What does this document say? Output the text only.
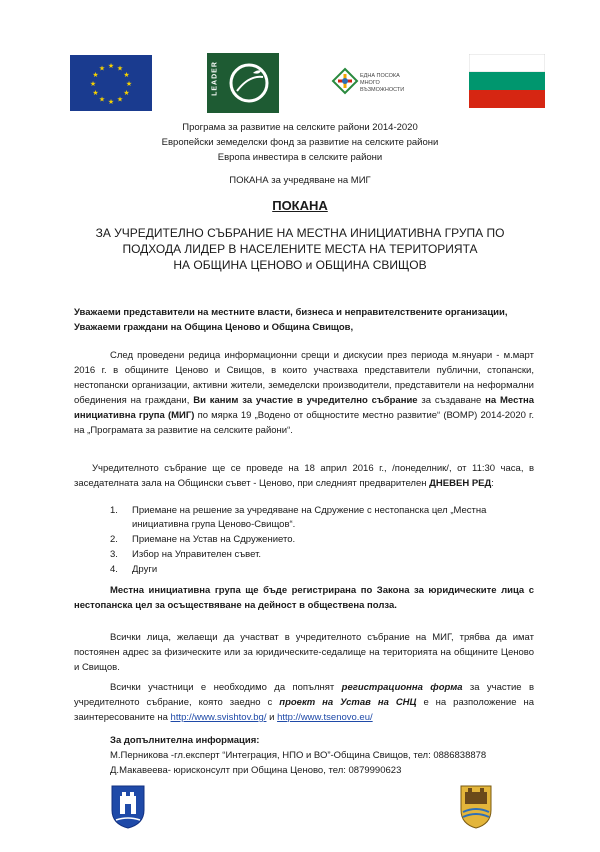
★ ★
★
★
★
★
★
★
★
★
★
★	LEADER	ЕДНА ПОСОКА
МНОГО ВЪЗМОЖНОСТИ
Програма за развитие на селските райони 2014-2020
Европейски земеделски фонд за развитие на селските райони
Европа инвестира в селските райони
ПОКАНА за учредяване на МИГ
ПОКАНА
ЗА УЧРЕДИТЕЛНО СЪБРАНИЕ НА МЕСТНА ИНИЦИАТИВНА ГРУПА ПО
ПОДХОДА ЛИДЕР В НАСЕЛЕНИТЕ МЕСТА НА ТЕРИТОРИЯТА
НА ОБЩИНА ЦЕНОВО и ОБЩИНА СВИЩОВ
Уважаеми представители на местните власти, бизнеса и неправителствените организации,
Уважаеми граждани на Община Ценово и Община Свищов,
След проведени редица информационни срещи и дискусии през периода м.януари - м.март 2016 г. в общините Ценово и Свищов, в които участваха представители публични, стопански, нестопански организации, активни жители, земеделски производители, представители на неформални обединения на граждани, Ви каним за участие в учредително събрание за създаване на Местна инициативна група (МИГ) по мярка 19 „Водено от общностите местно развитие“ (ВОМР) 2014-2020 г. на „Програмата за развитие на селските райони“.
Учредителното събрание ще се проведе на 18 април 2016 г., /понеделник/, от 11:30 часа, в заседателната зала на Общински съвет - Ценово, при следният предварителен ДНЕВЕН РЕД:
1.	Приемане на решение за учредяване на Сдружение с нестопанска цел „Местна инициативна група Ценово-Свищов“.
2.	Приемане на Устав на Сдружението.
3.	Избор на Управителен съвет.
4.	Други
Местна инициативна група ще бъде регистрирана по Закона за юридическите лица с нестопанска цел за осъществяване на дейност в обществена полза.
Всички лица, желаещи да участват в учредителното събрание на МИГ, трябва да имат постоянен адрес за физическите или за юридическите-седалище на територията на общините Ценово и Свищов.
Всички участници е необходимо да попълнят регистрационна форма за участие в учредителното събрание, която заедно с проект на Устав на СНЦ е на разположение на заинтересованите на http://www.svishtov.bg/ и http://www.tsenovo.eu/
За допълнителна информация:
М.Перникова -гл.експерт “Интеграция, НПО и ВО”-Община Свищов, тел: 0886838878
Д.Макавеева- юрисконсулт при Община Ценово, тел: 0879990623
